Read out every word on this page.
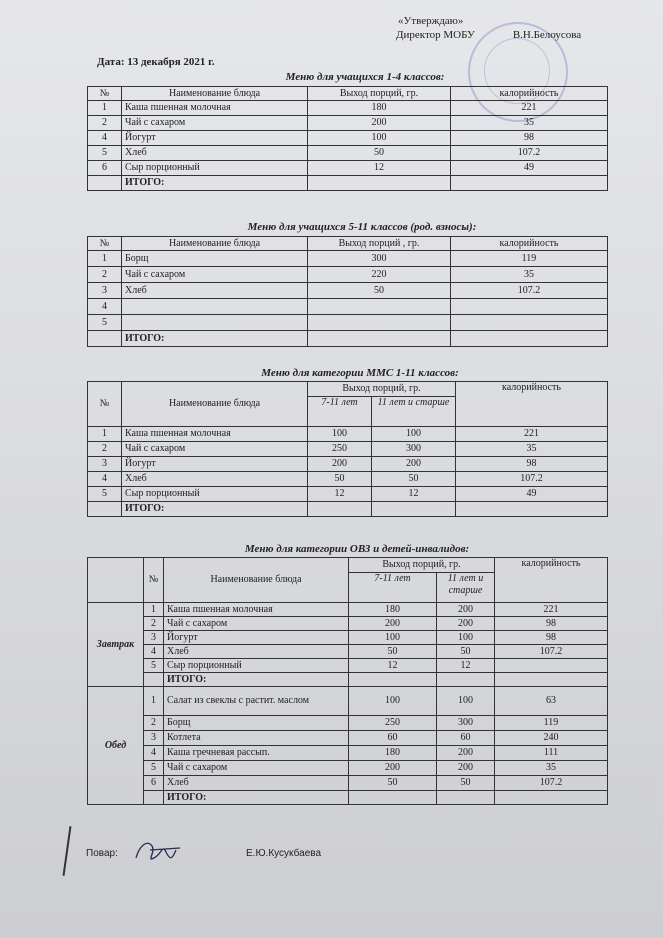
«Утверждаю»
Директор МОБУ	В.Н.Белоусова
Дата: 13 декабря 2021 г.
Меню для учащихся 1-4 классов:
№	Наименование блюда	Выход порций, гр.	калорийность
1	Каша пшенная молочная	180	221
2	Чай с сахаром	200	35
4	Йогурт	100	98
5	Хлеб	50	107.2
6	Сыр порционный	12	49
	ИТОГО:		
Меню для учащихся 5-11 классов (род. взносы):
№	Наименование блюда	Выход порций , гр.	калорийность
1	Борщ	300	119
2	Чай с сахаром	220	35
3	Хлеб	50	107.2
4			
5			
	ИТОГО:		
Меню для категории ММС 1-11 классов:
№	Наименование блюда	Выход порций, гр.		калорийность
		7-11 лет	11 лет и старше	
1	Каша пшенная молочная	100	100	221
2	Чай с сахаром	250	300	35
3	Йогурт	200	200	98
4	Хлеб	50	50	107.2
5	Сыр порционный	12	12	49
	ИТОГО:			
Меню для категории ОВЗ и детей-инвалидов:
	№	Наименование блюда	Выход порций, гр.		калорийность
			7-11 лет	11 лет и старше	
Завтрак	1	Каша пшенная молочная	180	200	221
	2	Чай с сахаром	200	200	98
	3	Йогурт	100	100	98
	4	Хлеб	50	50	107.2
	5	Сыр порционный	12	12	
		ИТОГО:			
Обед	1	Салат из свеклы с растит. маслом	100	100	63
	2	Борщ	250	300	119
	3	Котлета	60	60	240
	4	Каша гречневая рассып.	180	200	111
	5	Чай с сахаром	200	200	35
	6	Хлеб	50	50	107.2
		ИТОГО:			
Повар:	Е.Ю.Кусукбаева
